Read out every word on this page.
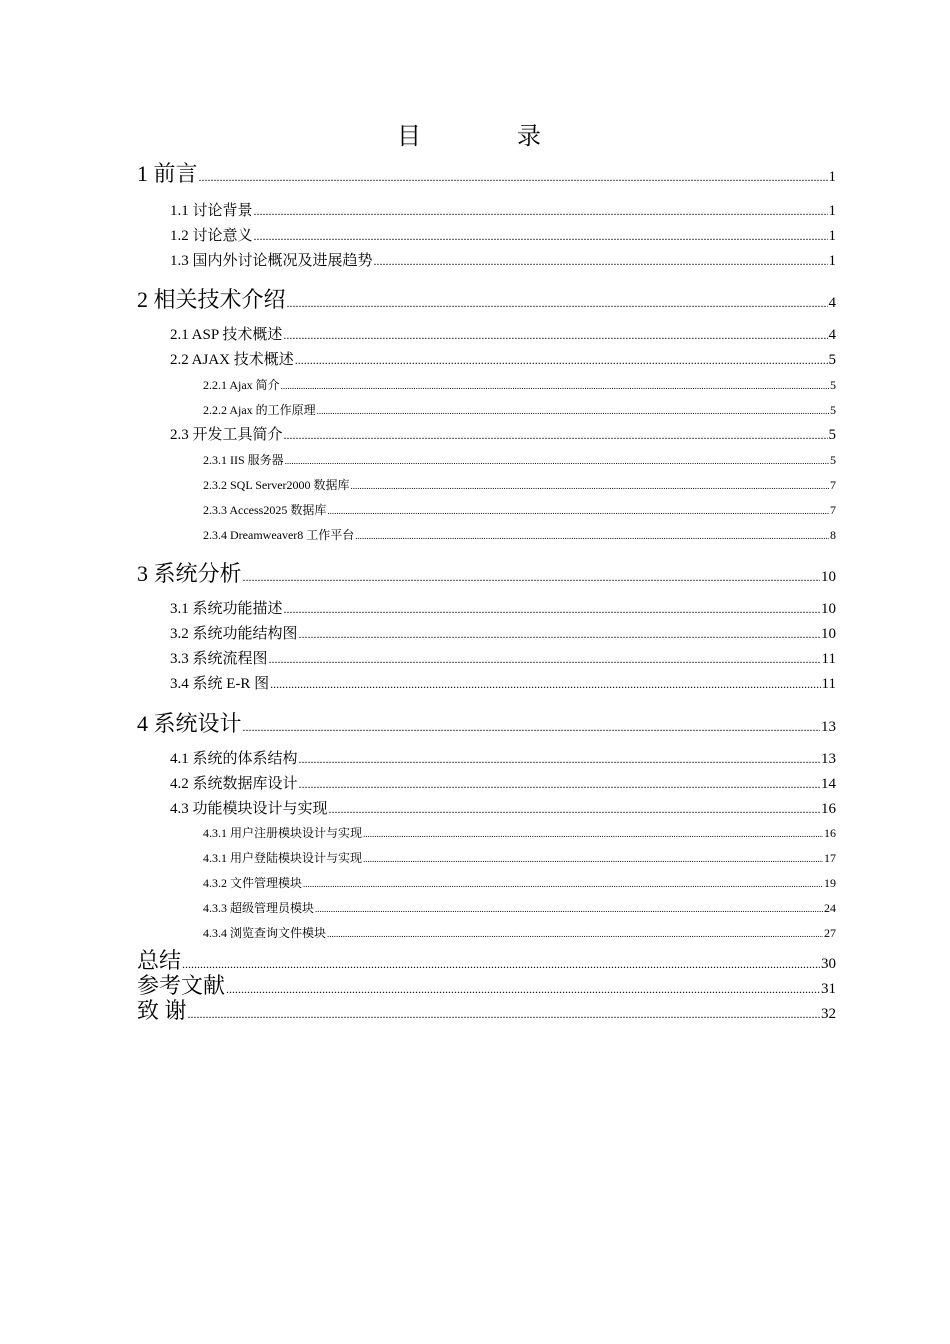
目　录
1 前言 .....	1
1.1 讨论背景 .....	1
1.2 讨论意义 .....	1
1.3 国内外讨论概况及进展趋势 .....	1
2 相关技术介绍 .....	4
2.1 ASP 技术概述 .....	4
2.2 AJAX 技术概述 .....	5
2.2.1 Ajax 简介 .....	5
2.2.2 Ajax 的工作原理 .....	5
2.3 开发工具简介 .....	5
2.3.1 IIS 服务器 .....	5
2.3.2 SQL Server2000 数据库 .....	7
2.3.3 Access2025 数据库 .....	7
2.3.4 Dreamweaver8 工作平台 .....	8
3 系统分析 .....	10
3.1 系统功能描述 .....	10
3.2 系统功能结构图 .....	10
3.3 系统流程图 .....	11
3.4 系统 E-R 图 .....	11
4 系统设计 .....	13
4.1 系统的体系结构 .....	13
4.2 系统数据库设计 .....	14
4.3 功能模块设计与实现 .....	16
4.3.1 用户注册模块设计与实现 .....	16
4.3.1 用户登陆模块设计与实现 .....	17
4.3.2 文件管理模块 .....	19
4.3.3 超级管理员模块 .....	24
4.3.4 浏览查询文件模块 .....	27
总结 .....	30
参考文献 .....	31
致 谢 .....	32
